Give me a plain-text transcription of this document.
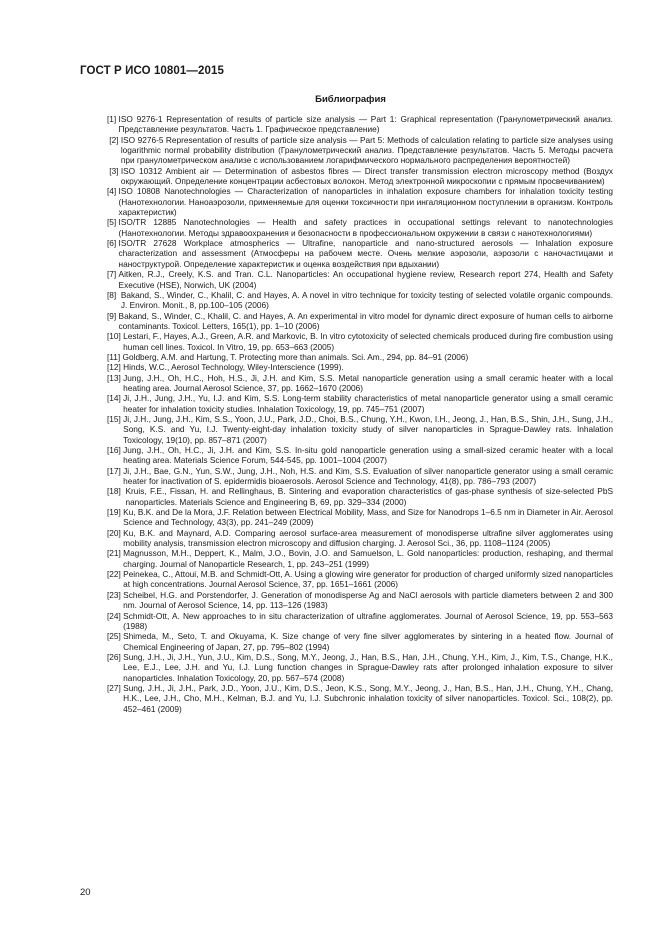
ГОСТ Р ИСО 10801—2015
Библиография
[1] ISO 9276-1 Representation of results of particle size analysis — Part 1: Graphical representation (Гранулометрический анализ. Представление результатов. Часть 1. Графическое представление)
[2] ISO 9276-5 Representation of results of particle size analysis — Part 5: Methods of calculation relating to particle size analyses using logarithmic normal probability distribution (Гранулометрический анализ. Представление результатов. Часть 5. Методы расчета при гранулометрическом анализе с использованием логарифмического нормального распределения вероятностей)
[3] ISO 10312 Ambient air — Determination of asbestos fibres — Direct transfer transmission electron microscopy method (Воздух окружающий. Определение концентрации асбестовых волокон. Метод электронной микроскопии с прямым просвечиванием)
[4] ISO 10808 Nanotechnologies — Characterization of nanoparticles in inhalation exposure chambers for inhalation toxicity testing (Нанотехнологии. Наноаэрозоли, применяемые для оценки токсичности при ингаляционном поступлении в организм. Контроль характеристик)
[5] ISO/TR 12885 Nanotechnologies — Health and safety practices in occupational settings relevant to nanotechnologies (Нанотехнологии. Методы здравоохранения и безопасности в профессиональном окружении в связи с нанотехнологиями)
[6] ISO/TR 27628 Workplace atmospherics — Ultrafine, nanoparticle and nano-structured aerosols — Inhalation exposure characterization and assessment (Атмосферы на рабочем месте. Очень мелкие аэрозоли, аэрозоли с наночастицами и наноструктурой. Определение характеристик и оценка воздействия при вдыхании)
[7] Aitken, R.J., Creely, K.S. and Tran. C.L. Nanoparticles: An occupational hygiene review, Research report 274, Health and Safety Executive (HSE), Norwich, UK (2004)
[8] Bakand, S., Winder, C., Khalil, C. and Hayes, A. A novel in vitro technique for toxicity testing of selected volatile organic compounds. J. Environ. Monit., 8, pp.100–105 (2006)
[9] Bakand, S., Winder, C., Khalil, C. and Hayes, A. An experimental in vitro model for dynamic direct exposure of human cells to airborne contaminants. Toxicol. Letters, 165(1), pp. 1–10 (2006)
[10] Lestari, F., Hayes, A.J., Green, A.R. and Markovic, B. In vitro cytotoxicity of selected chemicals produced during fire combustion using human cell lines. Toxicol. In Vitro, 19, pp. 653–663 (2005)
[11] Goldberg, A.M. and Hartung, T. Protecting more than animals. Sci. Am., 294, pp. 84–91 (2006)
[12] Hinds, W.C., Aerosol Technology, Wiley-Interscience (1999).
[13] Jung, J.H., Oh, H.C., Hoh, H.S., Ji, J.H. and Kim, S.S. Metal nanoparticle generation using a small ceramic heater with a local heating area. Journal Aerosol Science, 37, pp. 1662–1670 (2006)
[14] Ji, J.H., Jung, J.H., Yu, I.J. and Kim, S.S. Long-term stability characteristics of metal nanoparticle generator using a small ceramic heater for inhalation toxicity studies. Inhalation Toxicology, 19, pp. 745–751 (2007)
[15] Ji, J.H., Jung, J.H., Kim, S.S., Yoon, J.U., Park, J.D., Choi, B.S., Chung, Y.H., Kwon, I.H., Jeong, J., Han, B.S., Shin, J.H., Sung, J.H., Song, K.S. and Yu, I.J. Twenty-eight-day inhalation toxicity study of silver nanoparticles in Sprague-Dawley rats. Inhalation Toxicology, 19(10), pp. 857–871 (2007)
[16] Jung, J.H., Oh, H.C., Ji, J.H. and Kim, S.S. In-situ gold nanoparticle generation using a small-sized ceramic heater with a local heating area. Materials Science Forum, 544-545, pp. 1001–1004 (2007)
[17] Ji, J.H., Bae, G.N., Yun, S.W., Jung, J.H., Noh, H.S. and Kim, S.S. Evaluation of silver nanoparticle generator using a small ceramic heater for inactivation of S. epidermidis bioaerosols. Aerosol Science and Technology, 41(8), pp. 786–793 (2007)
[18] Kruis, F.E., Fissan, H. and Rellinghaus, B. Sintering and evaporation characteristics of gas-phase synthesis of size-selected PbS nanoparticles. Materials Science and Engineering B, 69, pp. 329–334 (2000)
[19] Ku, B.K. and De la Mora, J.F. Relation between Electrical Mobility, Mass, and Size for Nanodrops 1–6.5 nm in Diameter in Air. Aerosol Science and Technology, 43(3), pp. 241–249 (2009)
[20] Ku, B.K. and Maynard, A.D. Comparing aerosol surface-area measurement of monodisperse ultrafine silver agglomerates using mobility analysis, transmission electron microscopy and diffusion charging. J. Aerosol Sci., 36, pp. 1108–1124 (2005)
[21] Magnusson, M.H., Deppert, K., Malm, J.O., Bovin, J.O. and Samuelson, L. Gold nanoparticles: production, reshaping, and thermal charging. Journal of Nanoparticle Research, 1, pp. 243–251 (1999)
[22] Peinekea, C., Attoui, M.B. and Schmidt-Ott, A. Using a glowing wire generator for production of charged uniformly sized nanoparticles at high concentrations. Journal Aerosol Science, 37, pp. 1651–1661 (2006)
[23] Scheibel, H.G. and Porstendorfer, J. Generation of monodisperse Ag and NaCl aerosols with particle diameters between 2 and 300 nm. Journal of Aerosol Science, 14, pp. 113–126 (1983)
[24] Schmidt-Ott, A. New approaches to in situ characterization of ultrafine agglomerates. Journal of Aerosol Science, 19, pp. 553–563 (1988)
[25] Shimeda, M., Seto, T. and Okuyama, K. Size change of very fine silver agglomerates by sintering in a heated flow. Journal of Chemical Engineering of Japan, 27, pp. 795–802 (1994)
[26] Sung, J.H., Ji, J.H., Yun, J.U., Kim, D.S., Song, M.Y., Jeong, J., Han, B.S., Han, J.H., Chung, Y.H., Kim, J., Kim, T.S., Change, H.K., Lee, E.J., Lee, J.H. and Yu, I.J. Lung function changes in Sprague-Dawley rats after prolonged inhalation exposure to silver nanoparticles. Inhalation Toxicology, 20, pp. 567–574 (2008)
[27] Sung, J.H., Ji, J.H., Park, J.D., Yoon, J.U., Kim, D.S., Jeon, K.S., Song, M.Y., Jeong, J., Han, B.S., Han, J.H., Chung, Y.H., Chang, H.K., Lee, J.H., Cho, M.H., Kelman, B.J. and Yu, I.J. Subchronic inhalation toxicity of silver nanoparticles. Toxicol. Sci., 108(2), pp. 452–461 (2009)
20
